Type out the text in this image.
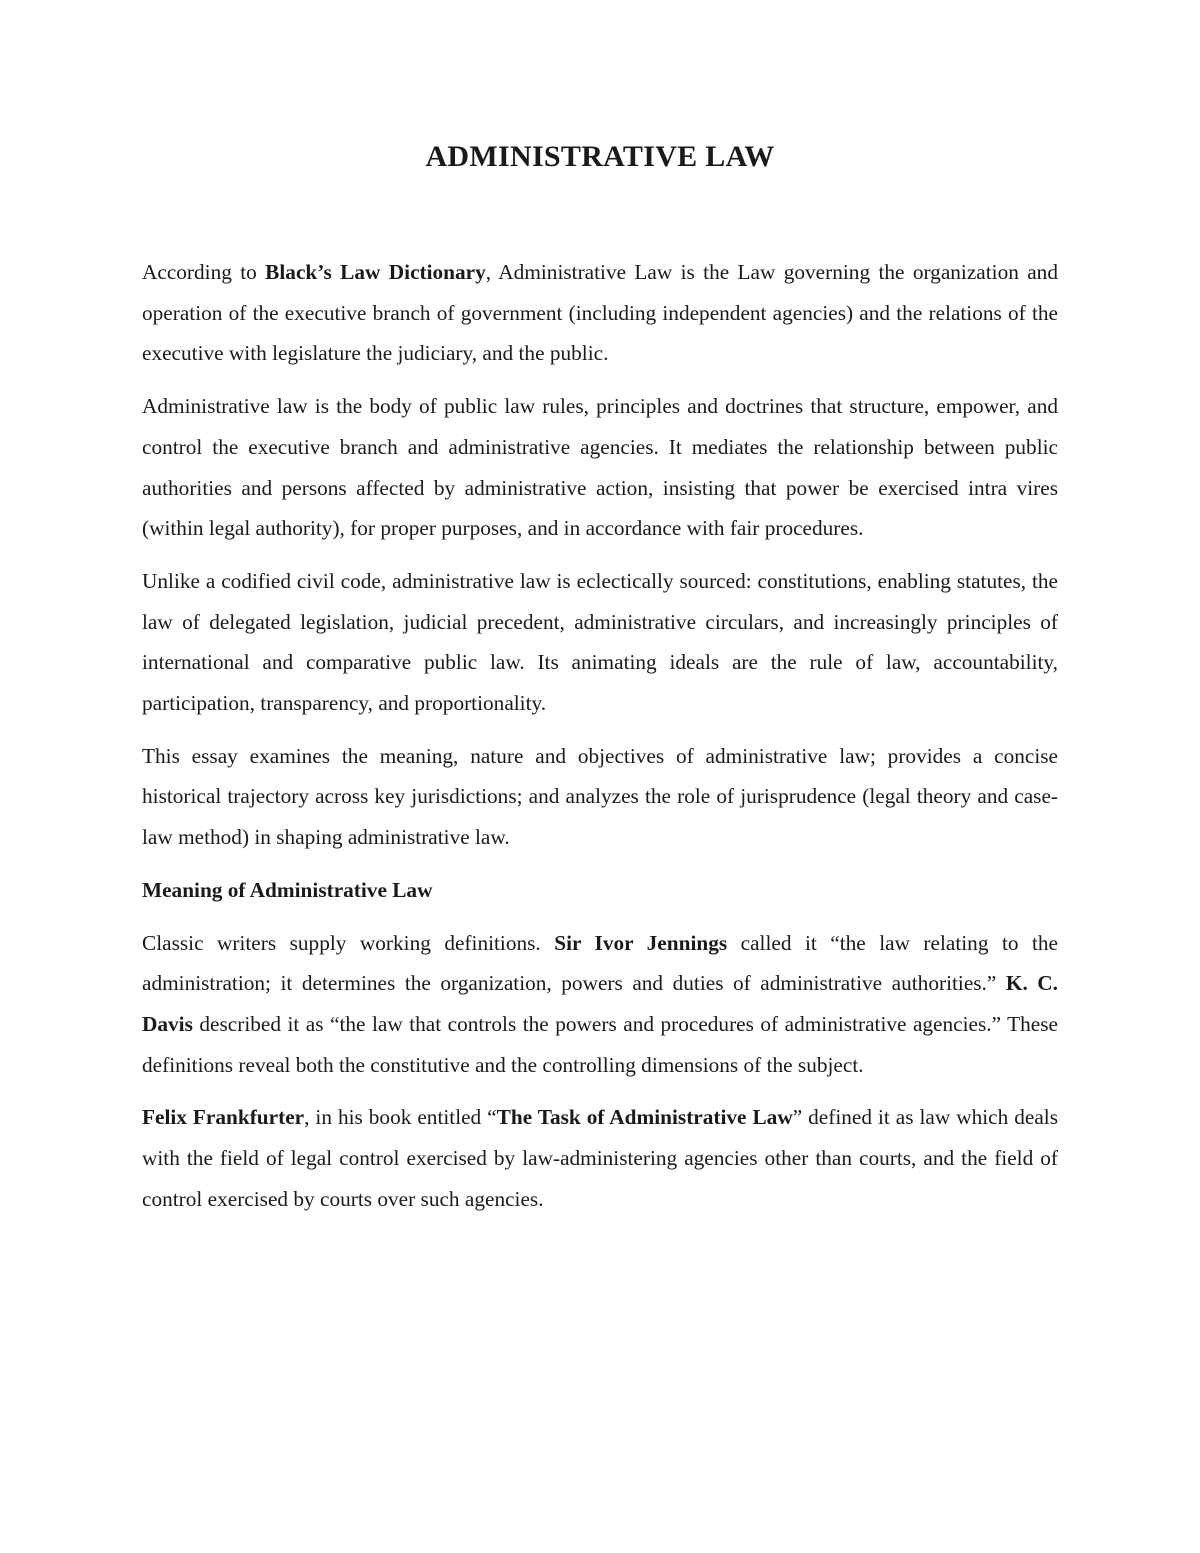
ADMINISTRATIVE LAW

According to Black’s Law Dictionary, Administrative Law is the Law governing the organization and operation of the executive branch of government (including independent agencies) and the relations of the executive with legislature the judiciary, and the public.

Administrative law is the body of public law rules, principles and doctrines that structure, empower, and control the executive branch and administrative agencies. It mediates the relationship between public authorities and persons affected by administrative action, insisting that power be exercised intra vires (within legal authority), for proper purposes, and in accordance with fair procedures.

Unlike a codified civil code, administrative law is eclectically sourced: constitutions, enabling statutes, the law of delegated legislation, judicial precedent, administrative circulars, and increasingly principles of international and comparative public law. Its animating ideals are the rule of law, accountability, participation, transparency, and proportionality.

This essay examines the meaning, nature and objectives of administrative law; provides a concise historical trajectory across key jurisdictions; and analyzes the role of jurisprudence (legal theory and case-law method) in shaping administrative law.

Meaning of Administrative Law

Classic writers supply working definitions. Sir Ivor Jennings called it “the law relating to the administration; it determines the organization, powers and duties of administrative authorities.” K. C. Davis described it as “the law that controls the powers and procedures of administrative agencies.” These definitions reveal both the constitutive and the controlling dimensions of the subject.

Felix Frankfurter, in his book entitled “The Task of Administrative Law” defined it as law which deals with the field of legal control exercised by law-administering agencies other than courts, and the field of control exercised by courts over such agencies.
